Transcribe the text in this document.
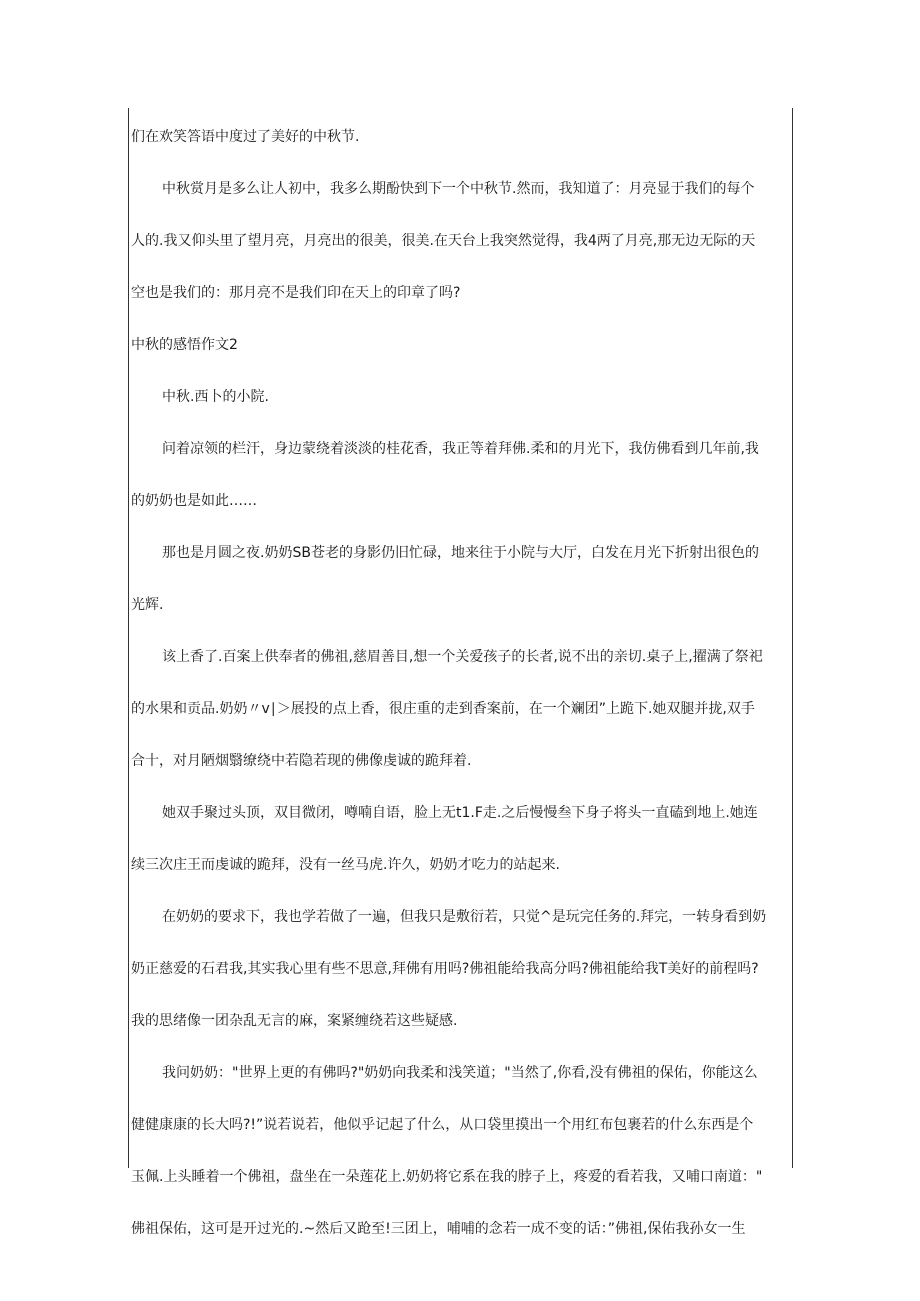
们在欢笑答语中度过了美好的中秋节.
中秋赏月是多么让人初中，我多么期酚快到下一个中秋节.然而，我知道了：月亮显于我们的每个
人的.我又仰头里了望月亮，月亮出的很美，很美.在天台上我突然觉得，我4两了月亮,那无边无际的天
空也是我们的：那月亮不是我们印在天上的印章了吗?
中秋的感悟作文2
中秋.西卜的小院.
问着凉领的栏汗，身边蒙绕着淡淡的桂花香，我正等着拜佛.柔和的月光下，我仿佛看到几年前,我
的奶奶也是如此……
那也是月圆之夜.奶奶SB苍老的身影仍旧忙碌，地来往于小院与大厅，白发在月光下折射出很色的
光辉.
该上香了.百案上供奉者的佛祖,慈眉善目,想一个关爱孩子的长者,说不出的亲切.桌子上,擢满了祭祀
的水果和贡品.奶奶〃v∣＞展投的点上香，很庄重的走到香案前，在一个斓团”上跪下.她双腿并拢,双手
合十，对月陋烟翳缭绕中若隐若现的佛像虔诚的跪拜着.
她双手聚过头顶，双目微闭，噂喃自语，脸上无t1.F走.之后慢慢叁下身子将头一直磕到地上.她连
续三次庄王而虔诚的跪拜，没有一丝马虎.许久，奶奶才吃力的站起来.
在奶奶的要求下，我也学若做了一遍，但我只是敷衍若，只觉^是玩完任务的.拜完，一转身看到奶
奶正慈爱的石君我,其实我心里有些不思意,拜佛有用吗?佛祖能给我高分吗?佛祖能给我T美好的前程吗?
我的思绪像一团杂乱无言的麻，案紧缠绕若这些疑感.
我问奶奶："世界上更的有佛吗?"奶奶向我柔和浅笑道；"当然了,你看,没有佛祖的保佑，你能这么
健健康康的长大吗?!”说若说若，他似乎记起了什么，从口袋里摸出一个用红布包裹若的什么东西是个
玉佩.上头睡着一个佛祖，盘坐在一朵莲花上.奶奶将它系在我的脖子上，疼爱的看若我，又哺口南道："
佛祖保佑，这可是开过光的.~然后又跄至!三团上，哺哺的念若一成不变的话：”佛祖,保佑我孙女一生
